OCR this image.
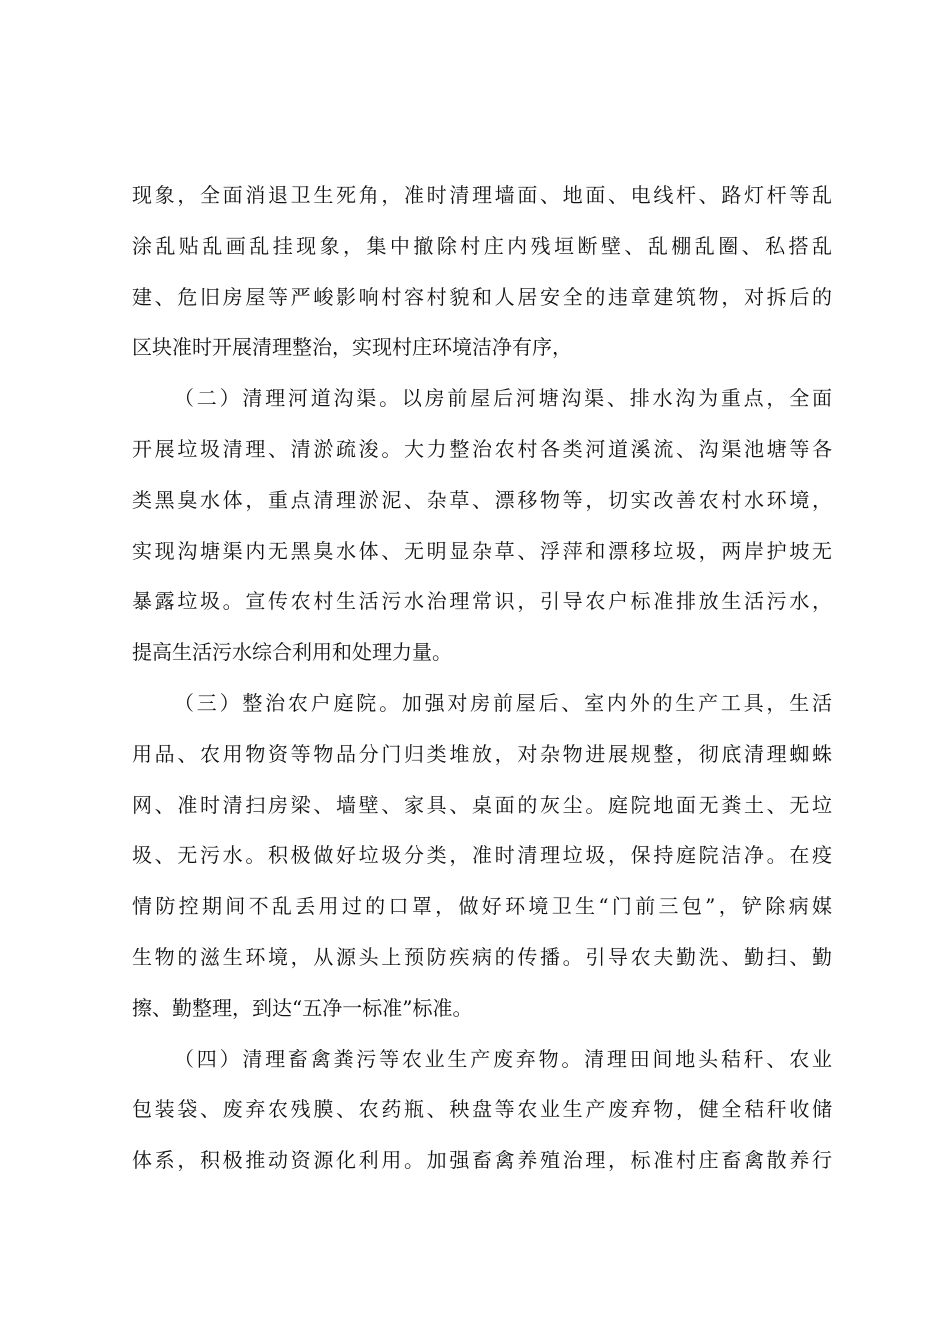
现象，全面消退卫生死角，准时清理墙面、地面、电线杆、路灯杆等乱
涂乱贴乱画乱挂现象，集中撤除村庄内残垣断壁、乱棚乱圈、私搭乱
建、危旧房屋等严峻影响村容村貌和人居安全的违章建筑物，对拆后的
区块准时开展清理整治，实现村庄环境洁净有序，
（二）清理河道沟渠。以房前屋后河塘沟渠、排水沟为重点，全面
开展垃圾清理、清淤疏浚。大力整治农村各类河道溪流、沟渠池塘等各
类黑臭水体，重点清理淤泥、杂草、漂移物等，切实改善农村水环境，
实现沟塘渠内无黑臭水体、无明显杂草、浮萍和漂移垃圾，两岸护坡无
暴露垃圾。宣传农村生活污水治理常识，引导农户标准排放生活污水，
提高生活污水综合利用和处理力量。
（三）整治农户庭院。加强对房前屋后、室内外的生产工具，生活
用品、农用物资等物品分门归类堆放，对杂物进展规整，彻底清理蜘蛛
网、准时清扫房梁、墙壁、家具、桌面的灰尘。庭院地面无粪土、无垃
圾、无污水。积极做好垃圾分类，准时清理垃圾，保持庭院洁净。在疫
情防控期间不乱丢用过的口罩，做好环境卫生“门前三包”，铲除病媒
生物的滋生环境，从源头上预防疾病的传播。引导农夫勤洗、勤扫、勤
擦、勤整理，到达“五净一标准”标准。
（四）清理畜禽粪污等农业生产废弃物。清理田间地头秸秆、农业
包装袋、废弃农残膜、农药瓶、秧盘等农业生产废弃物，健全秸秆收储
体系，积极推动资源化利用。加强畜禽养殖治理，标准村庄畜禽散养行
